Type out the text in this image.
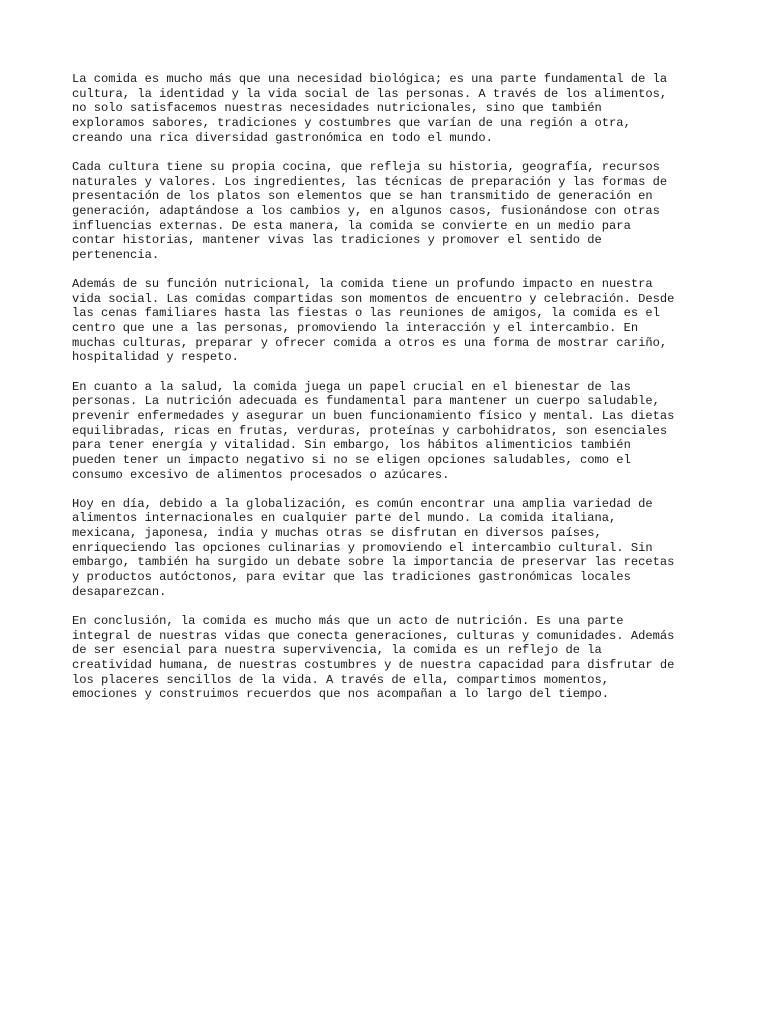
La comida es mucho más que una necesidad biológica; es una parte fundamental de la
cultura, la identidad y la vida social de las personas. A través de los alimentos,
no solo satisfacemos nuestras necesidades nutricionales, sino que también
exploramos sabores, tradiciones y costumbres que varían de una región a otra,
creando una rica diversidad gastronómica en todo el mundo.

Cada cultura tiene su propia cocina, que refleja su historia, geografía, recursos
naturales y valores. Los ingredientes, las técnicas de preparación y las formas de
presentación de los platos son elementos que se han transmitido de generación en
generación, adaptándose a los cambios y, en algunos casos, fusionándose con otras
influencias externas. De esta manera, la comida se convierte en un medio para
contar historias, mantener vivas las tradiciones y promover el sentido de
pertenencia.

Además de su función nutricional, la comida tiene un profundo impacto en nuestra
vida social. Las comidas compartidas son momentos de encuentro y celebración. Desde
las cenas familiares hasta las fiestas o las reuniones de amigos, la comida es el
centro que une a las personas, promoviendo la interacción y el intercambio. En
muchas culturas, preparar y ofrecer comida a otros es una forma de mostrar cariño,
hospitalidad y respeto.

En cuanto a la salud, la comida juega un papel crucial en el bienestar de las
personas. La nutrición adecuada es fundamental para mantener un cuerpo saludable,
prevenir enfermedades y asegurar un buen funcionamiento físico y mental. Las dietas
equilibradas, ricas en frutas, verduras, proteínas y carbohidratos, son esenciales
para tener energía y vitalidad. Sin embargo, los hábitos alimenticios también
pueden tener un impacto negativo si no se eligen opciones saludables, como el
consumo excesivo de alimentos procesados o azúcares.

Hoy en día, debido a la globalización, es común encontrar una amplia variedad de
alimentos internacionales en cualquier parte del mundo. La comida italiana,
mexicana, japonesa, india y muchas otras se disfrutan en diversos países,
enriqueciendo las opciones culinarias y promoviendo el intercambio cultural. Sin
embargo, también ha surgido un debate sobre la importancia de preservar las recetas
y productos autóctonos, para evitar que las tradiciones gastronómicas locales
desaparezcan.

En conclusión, la comida es mucho más que un acto de nutrición. Es una parte
integral de nuestras vidas que conecta generaciones, culturas y comunidades. Además
de ser esencial para nuestra supervivencia, la comida es un reflejo de la
creatividad humana, de nuestras costumbres y de nuestra capacidad para disfrutar de
los placeres sencillos de la vida. A través de ella, compartimos momentos,
emociones y construimos recuerdos que nos acompañan a lo largo del tiempo.
